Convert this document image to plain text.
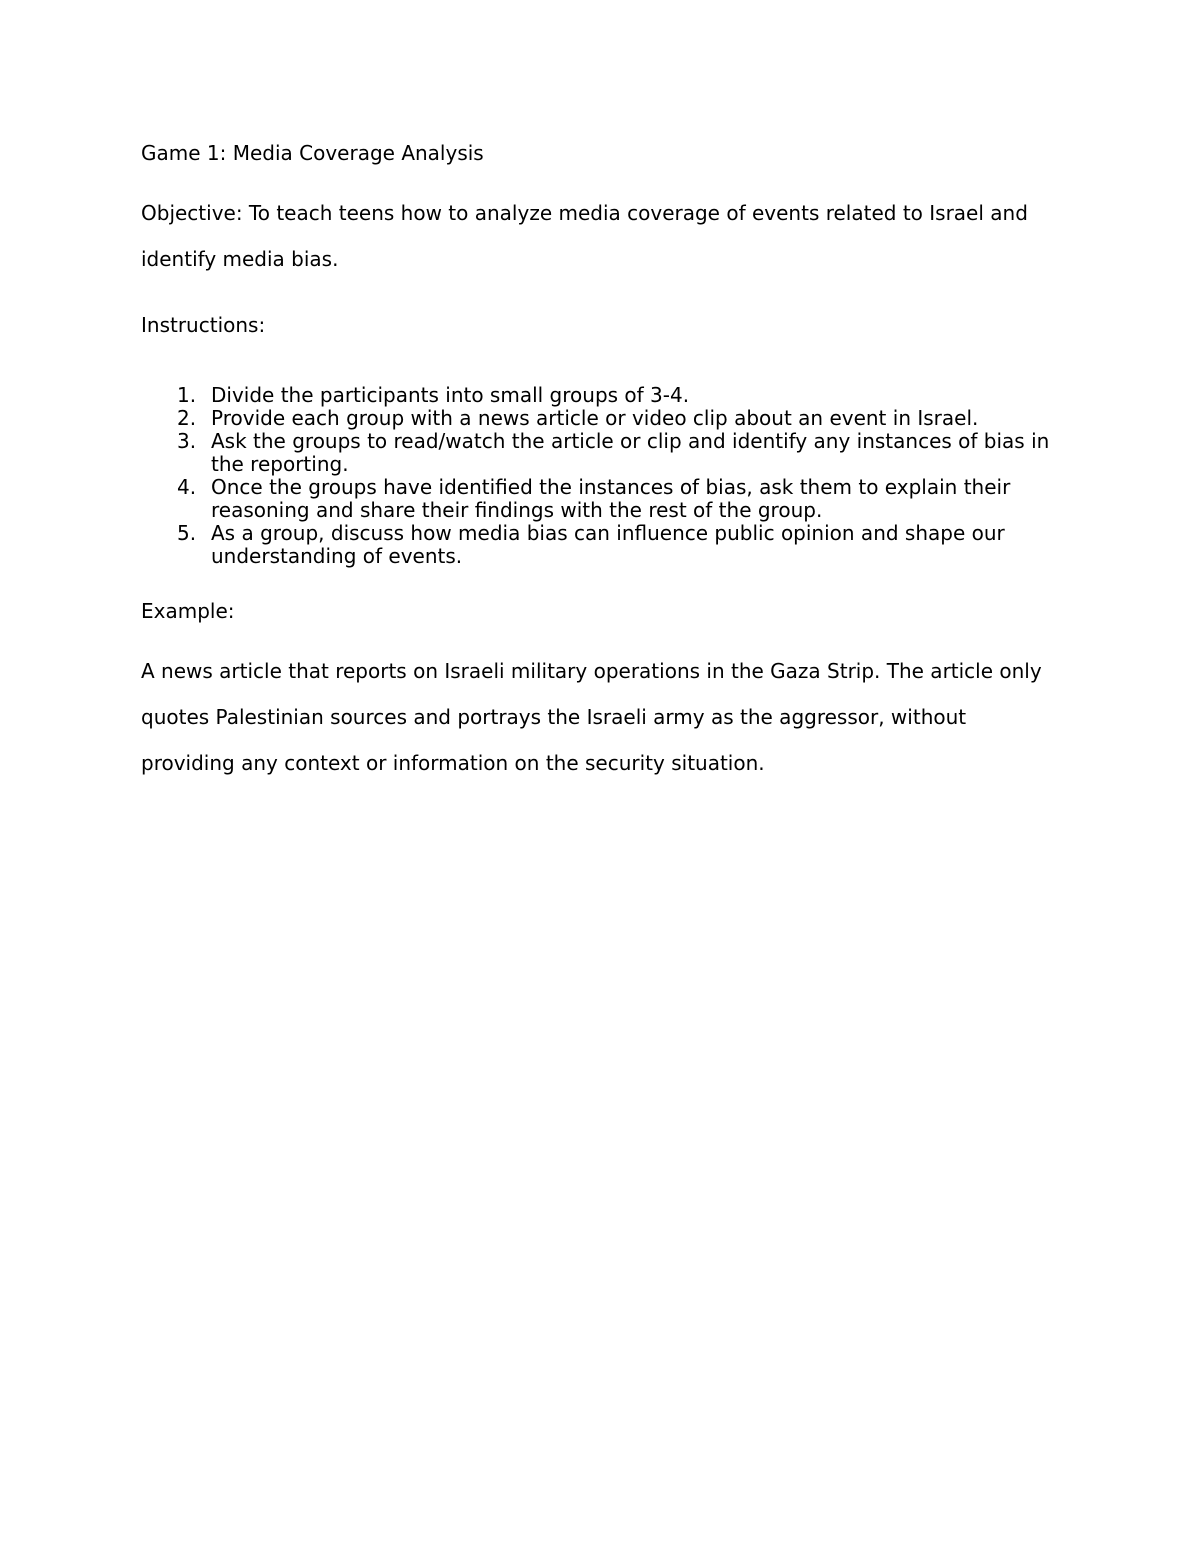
Game 1: Media Coverage Analysis

Objective: To teach teens how to analyze media coverage of events related to Israel and identify media bias.

Instructions:

Divide the participants into small groups of 3-4.
Provide each group with a news article or video clip about an event in Israel.
Ask the groups to read/watch the article or clip and identify any instances of bias in the reporting.
Once the groups have identified the instances of bias, ask them to explain their reasoning and share their findings with the rest of the group.
As a group, discuss how media bias can influence public opinion and shape our understanding of events.

Example:

A news article that reports on Israeli military operations in the Gaza Strip. The article only quotes Palestinian sources and portrays the Israeli army as the aggressor, without providing any context or information on the security situation.
